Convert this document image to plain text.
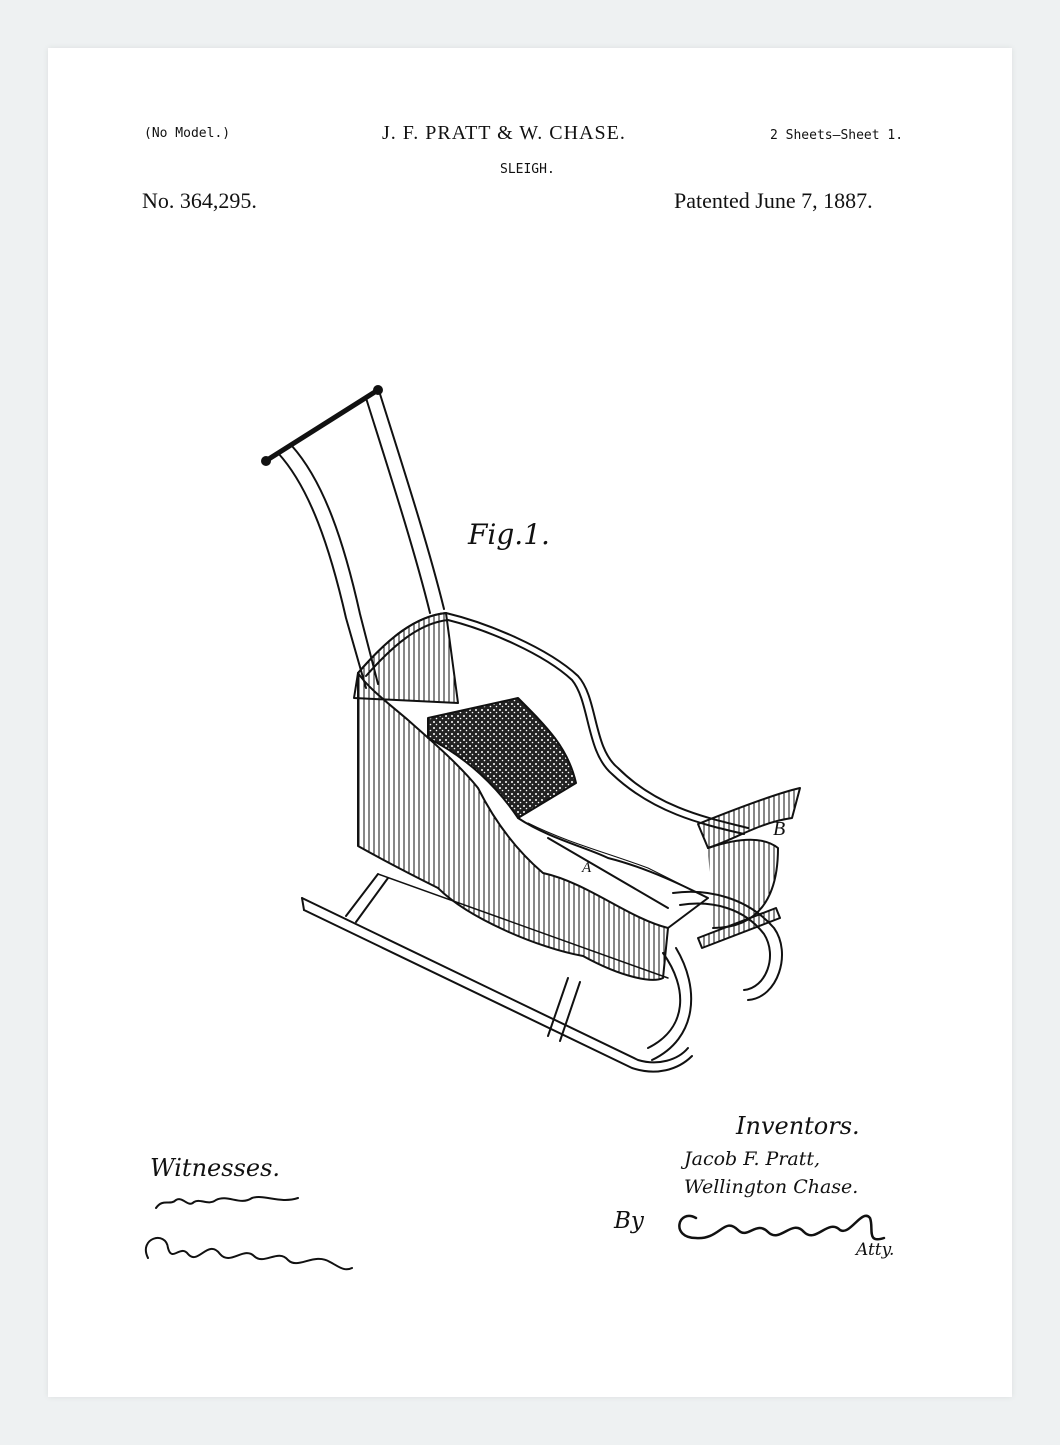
(No Model.)	J. F. PRATT & W. CHASE.	2 Sheets—Sheet 1.
SLEIGH.
No. 364,295.	Patented June 7, 1887.
Fig.1.
B
A
Witnesses.
Inventors.
Jacob F. Pratt,
Wellington Chase.
By
Atty.
